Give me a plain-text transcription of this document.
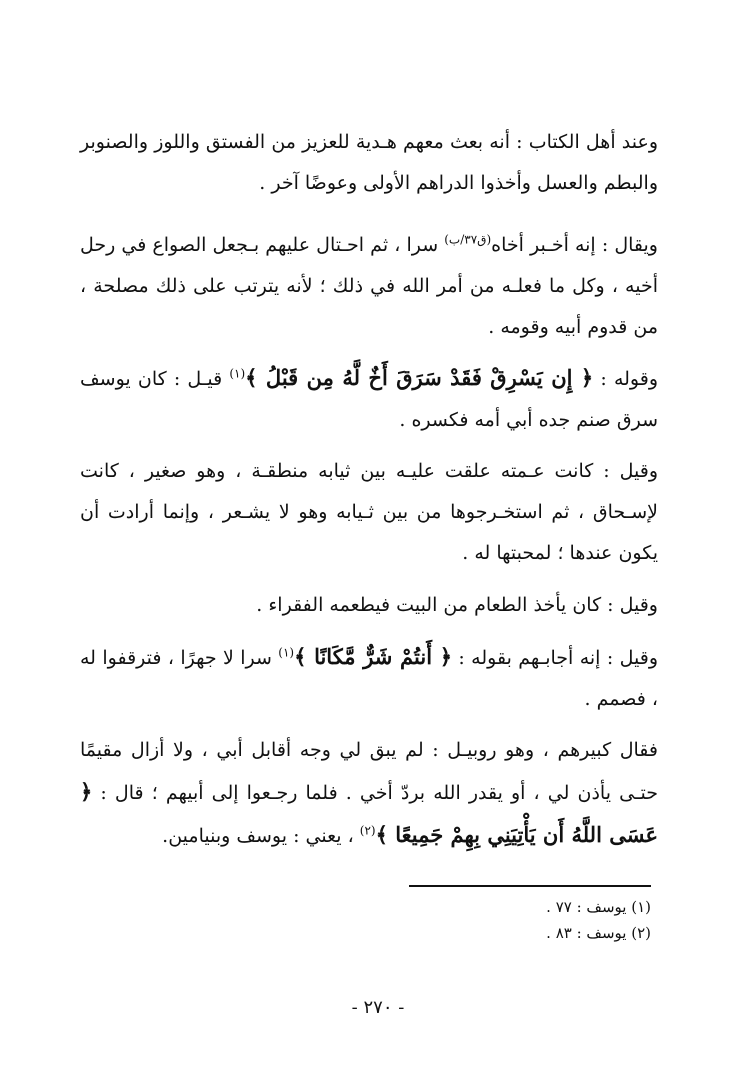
وعند أهل الكتاب : أنه بعث معهم هـدية للعزيز من الفستق واللوز والصنوبر والبطم والعسل وأخذوا الدراهم الأولى وعوضًا آخر .

ويقال : إنه أخـبر أخاه$^{(ق٣٧/ب)}$ سرا ، ثم احـتال عليهم بـجعل الصواع في رحل أخيه ، وكل ما فعلـه من أمر الله في ذلك ؛ لأنه يترتب على ذلك مصلحة ، من قدوم أبيه وقومه .

وقوله : ﴿ إِن يَسْرِقْ فَقَدْ سَرَقَ أَخٌ لَّهُ مِن قَبْلُ ﴾$^{(١)}$ قيـل : كان يوسف سرق صنم جده أبي أمه فكسره .

وقيل : كانت عـمته علقت عليـه بين ثيابه منطقـة ، وهو صغير ، كانت لإسـحاق ، ثم استخـرجوها من بين ثـيابه وهو لا يشـعر ، وإنما أرادت أن يكون عندها ؛ لمحبتها له .

وقيل : كان يأخذ الطعام من البيت فيطعمه الفقراء .

وقيل : إنه أجابـهم بقوله : ﴿ أَنتُمْ شَرٌّ مَّكَانًا ﴾$^{(١)}$ سرا لا جهرًا ، فترقفوا له ، فصمم .

فقال كبيرهم ، وهو روبيـل : لم يبق لي وجه أقابل أبي ، ولا أزال مقيمًا حتـى يأذن لي ، أو يقدر الله بردّ أخي . فلما رجـعوا إلى أبيهم ؛ قال : ﴿ عَسَى اللَّهُ أَن يَأْتِيَنِي بِهِمْ جَمِيعًا ﴾$^{(٢)}$ ، يعني : يوسف وبنيامين.

(١) يوسف : ٧٧ .

(٢) يوسف : ٨٣ .

- ٢٧٠ -
